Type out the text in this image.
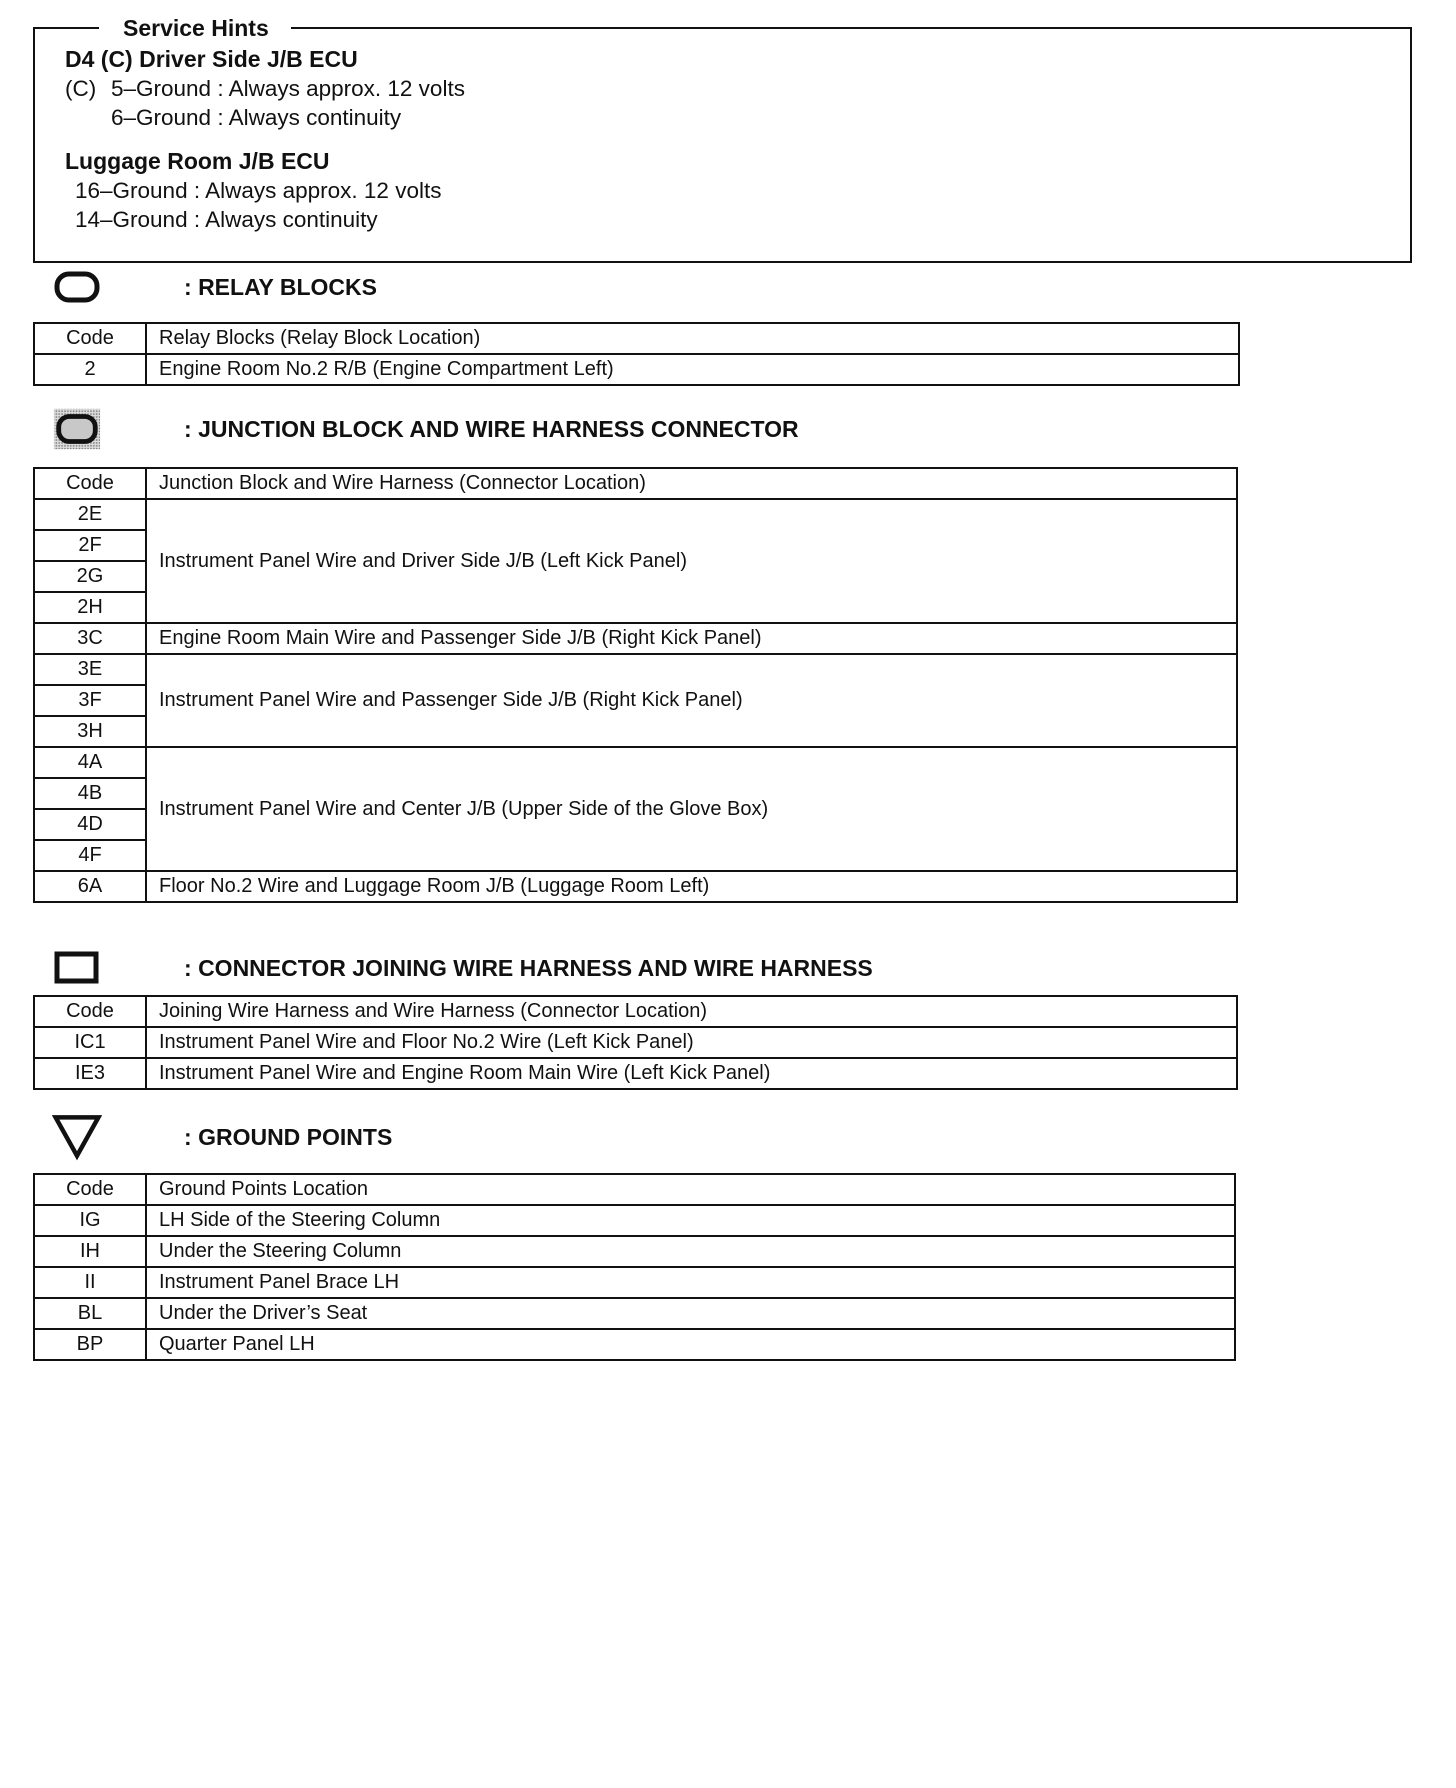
Service Hints
D4 (C) Driver Side J/B ECU
(C) 5–Ground : Always approx. 12 volts
6–Ground : Always continuity
Luggage Room J/B ECU
16–Ground : Always approx. 12 volts
14–Ground : Always continuity
: RELAY BLOCKS
Code	Relay Blocks (Relay Block Location)
2	Engine Room No.2 R/B (Engine Compartment Left)
: JUNCTION BLOCK AND WIRE HARNESS CONNECTOR
Code	Junction Block and Wire Harness (Connector Location)
2E	Instrument Panel Wire and Driver Side J/B (Left Kick Panel)
2F	
2G	
2H	
3C	Engine Room Main Wire and Passenger Side J/B (Right Kick Panel)
3E	Instrument Panel Wire and Passenger Side J/B (Right Kick Panel)
3F	
3H	
4A	Instrument Panel Wire and Center J/B (Upper Side of the Glove Box)
4B	
4D	
4F	
6A	Floor No.2 Wire and Luggage Room J/B (Luggage Room Left)
: CONNECTOR JOINING WIRE HARNESS AND WIRE HARNESS
Code	Joining Wire Harness and Wire Harness (Connector Location)
IC1	Instrument Panel Wire and Floor No.2 Wire (Left Kick Panel)
IE3	Instrument Panel Wire and Engine Room Main Wire (Left Kick Panel)
: GROUND POINTS
Code	Ground Points Location
IG	LH Side of the Steering Column
IH	Under the Steering Column
II	Instrument Panel Brace LH
BL	Under the Driver’s Seat
BP	Quarter Panel LH
